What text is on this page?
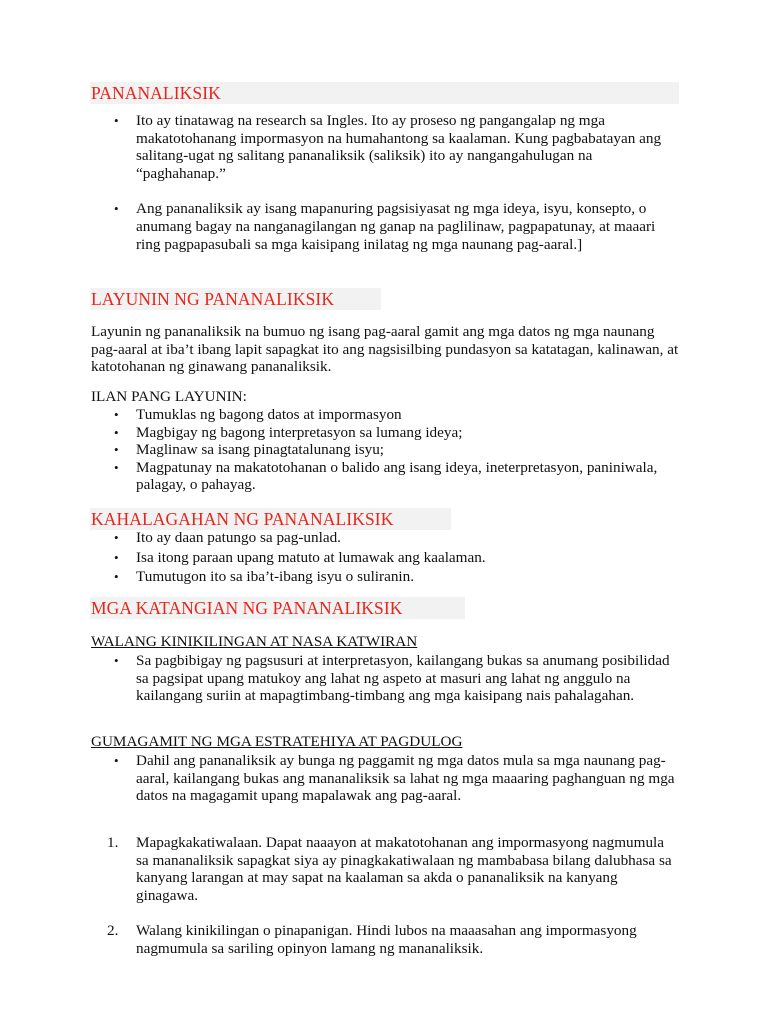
PANANALIKSIK
• Ito ay tinatawag na research sa Ingles. Ito ay proseso ng pangangalap ng mga makatotohanang impormasyon na humahantong sa kaalaman. Kung pagbabatayan ang salitang-ugat ng salitang pananaliksik (saliksik) ito ay nangangahulugan na “paghahanap.”
• Ang pananaliksik ay isang mapanuring pagsisiyasat ng mga ideya, isyu, konsepto, o anumang bagay na nanganagilangan ng ganap na paglilinaw, pagpapatunay, at maaari ring pagpapasubali sa mga kaisipang inilatag ng mga naunang pag-aaral.]
LAYUNIN NG PANANALIKSIK

Layunin ng pananaliksik na bumuo ng isang pag-aaral gamit ang mga datos ng mga naunang pag-aaral at iba’t ibang lapit sapagkat ito ang nagsisilbing pundasyon sa katatagan, kalinawan, at katotohanan ng ginawang pananaliksik.

ILAN PANG LAYUNIN:
• Tumuklas ng bagong datos at impormasyon
• Magbigay ng bagong interpretasyon sa lumang ideya;
• Maglinaw sa isang pinagtatalunang isyu;
• Magpatunay na makatotohanan o balido ang isang ideya, ineterpretasyon, paniniwala, palagay, o pahayag.
KAHALAGAHAN NG PANANALIKSIK
• Ito ay daan patungo sa pag-unlad.
• Isa itong paraan upang matuto at lumawak ang kaalaman.
• Tumutugon ito sa iba’t-ibang isyu o suliranin.
MGA KATANGIAN NG PANANALIKSIK
WALANG KINIKILINGAN AT NASA KATWIRAN
• Sa pagbibigay ng pagsusuri at interpretasyon, kailangang bukas sa anumang posibilidad sa pagsipat upang matukoy ang lahat ng aspeto at masuri ang lahat ng anggulo na kailangang suriin at mapagtimbang-timbang ang mga kaisipang nais pahalagahan.
GUMAGAMIT NG MGA ESTRATEHIYA AT PAGDULOG
• Dahil ang pananaliksik ay bunga ng paggamit ng mga datos mula sa mga naunang pag-aaral, kailangang bukas ang mananaliksik sa lahat ng mga maaaring paghanguan ng mga datos na magagamit upang mapalawak ang pag-aaral.
1. Mapagkakatiwalaan. Dapat naaayon at makatotohanan ang impormasyong nagmumula sa mananaliksik sapagkat siya ay pinagkakatiwalaan ng mambabasa bilang dalubhasa sa kanyang larangan at may sapat na kaalaman sa akda o pananaliksik na kanyang ginagawa.
2. Walang kinikilingan o pinapanigan. Hindi lubos na maaasahan ang impormasyong nagmumula sa sariling opinyon lamang ng mananaliksik.
